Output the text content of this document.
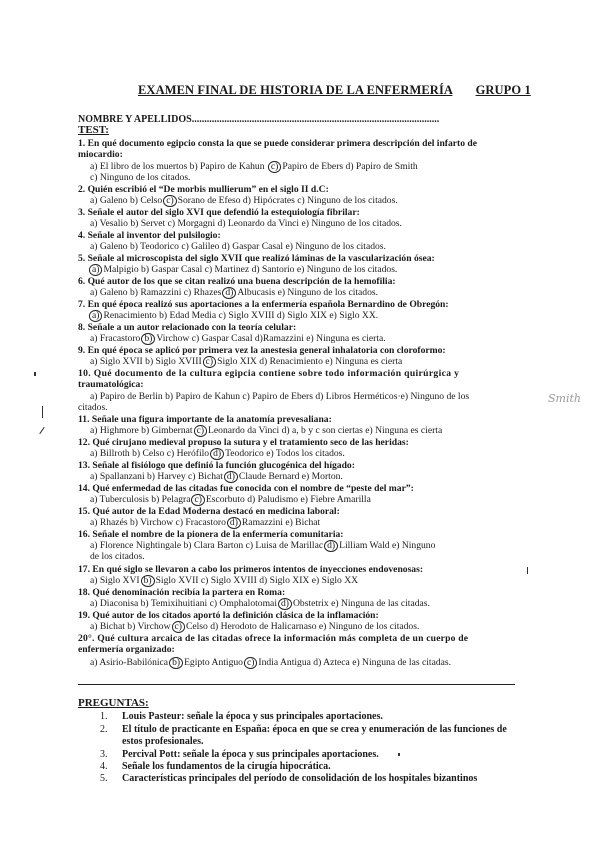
EXAMEN FINAL DE HISTORIA DE LA ENFERMERÍA GRUPO 1
NOMBRE Y APELLIDOS...................................................................................................
TEST:
1. En qué documento egipcio consta la que se puede considerar primera descripción del infarto de
miocardio:
a) El libro de los muertos b) Papiro de Kahun c) Papiro de Ebers d) Papiro de Smith
c) Ninguno de los citados.
2. Quién escribió el “De morbis mullierum” en el siglo II d.C:
a) Galeno b) Celso c) Sorano de Efeso d) Hipócrates c) Ninguno de los citados.
3. Señale el autor del siglo XVI que defendió la estequiología fibrilar:
a) Vesalio b) Servet c) Morgagni d) Leonardo da Vinci e) Ninguno de los citados.
4. Señale al inventor del pulsilogio:
a) Galeno b) Teodorico c) Galileo d) Gaspar Casal e) Ninguno de los citados.
5. Señale al microscopista del siglo XVII que realizó láminas de la vascularización ósea:
a) Malpigio b) Gaspar Casal c) Martinez d) Santorio e) Ninguno de los citados.
6. Qué autor de los que se citan realizó una buena descripción de la hemofilia:
a) Galeno b) Ramazzini c) Rhazes d) Albucasis e) Ninguno de los citados.
7. En qué época realizó sus aportaciones a la enfermería española Bernardino de Obregón:
a) Renacimiento b) Edad Media c) Siglo XVIII d) Siglo XIX e) Siglo XX.
8. Señale a un autor relacionado con la teoría celular:
a) Fracastoro b) Virchow c) Gaspar Casal d)Ramazzini e) Ninguna es cierta.
9. En qué época se aplicó por primera vez la anestesia general inhalatoria con cloroformo:
a) Siglo XVII b) Siglo XVIII c) Siglo XIX d) Renacimiento e) Ninguna es cierta
10. Qué documento de la cultura egipcia contiene sobre todo información quirúrgica y
traumatológica:
a) Papiro de Berlin b) Papiro de Kahun c) Papiro de Ebers d) Libros Herméticos·e) Ninguno de los
citados.
11. Señale una figura importante de la anatomía prevesaliana:
a) Highmore b) Gimbernat c) Leonardo da Vinci d) a, b y c son ciertas e) Ninguna es cierta
12. Qué cirujano medieval propuso la sutura y el tratamiento seco de las heridas:
a) Billroth b) Celso c) Herófilo d) Teodorico e) Todos los citados.
13. Señale al fisiólogo que definió la función glucogénica del hígado:
a) Spallanzani b) Harvey c) Bichat d) Claude Bernard e) Morton.
14. Qué enfermedad de las citadas fue conocida con el nombre de “peste del mar”:
a) Tuberculosis b) Pelagra c) Escorbuto d) Paludismo e) Fiebre Amarilla
15. Qué autor de la Edad Moderna destacó en medicina laboral:
a) Rhazés b) Virchow c) Fracastoro d) Ramazzini e) Bichat
16. Señale el nombre de la pionera de la enfermería comunitaria:
a) Florence Nightingale b) Clara Barton c) Luisa de Marillac d) Lilliam Wald e) Ninguno
de los citados.
17. En qué siglo se llevaron a cabo los primeros intentos de inyecciones endovenosas:
a) Siglo XVI b) Siglo XVII c) Siglo XVIII d) Siglo XIX e) Siglo XX
18. Qué denominación recibía la partera en Roma:
a) Diaconisa b) Temixihuitiani c) Omphalotomai d) Obstetrix e) Ninguna de las citadas.
19. Qué autor de los citados aportó la definición clásica de la inflamación:
a) Bichat b) Virchow c) Celso d) Herodoto de Halicarnaso e) Ninguno de los citados.
20°. Qué cultura arcaica de las citadas ofrece la información más completa de un cuerpo de
enfermería organizado:
a) Asirio-Babilónica b) Egipto Antiguo c) India Antigua d) Azteca e) Ninguna de las citadas.
PREGUNTAS:
1. Louis Pasteur: señale la época y sus principales aportaciones.
2. El título de practicante en España: época en que se crea y enumeración de las funciones de
estos profesionales.
3. Percival Pott: señale la época y sus principales aportaciones.
4. Señale los fundamentos de la cirugía hipocrática.
5. Características principales del período de consolidación de los hospitales bizantinos
Smith
